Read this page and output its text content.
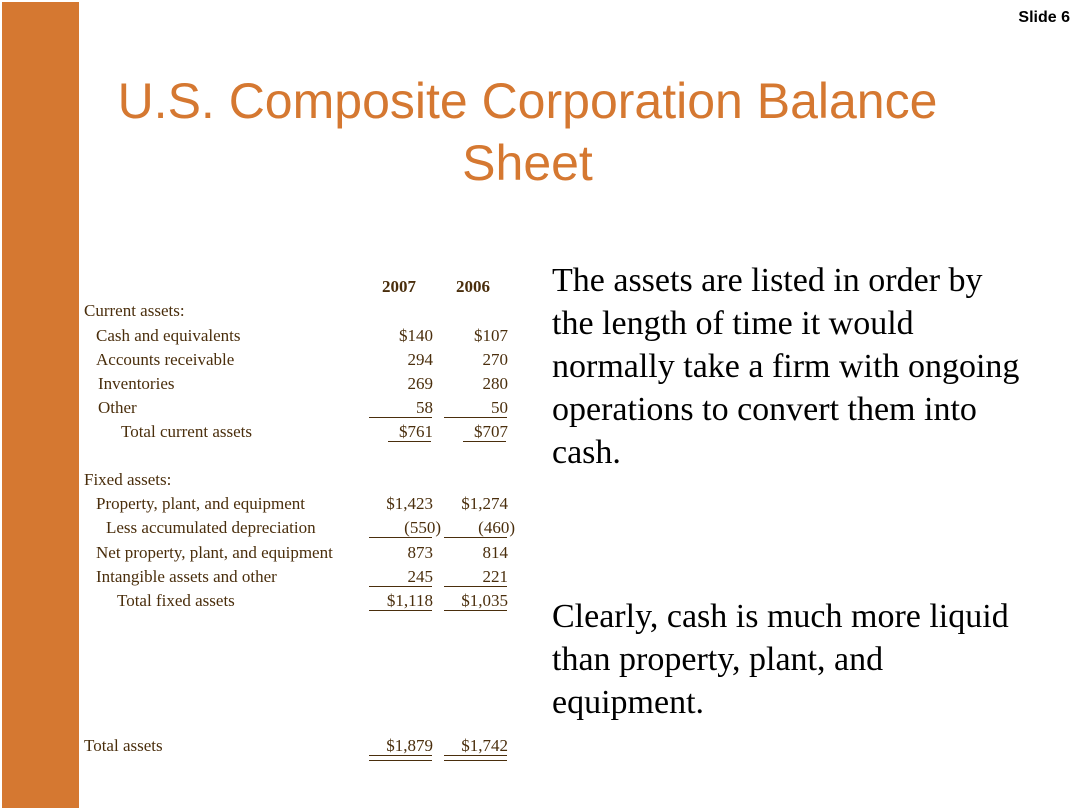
Slide 6
U.S. Composite Corporation Balance Sheet
2007 2006
Current assets:
Cash and equivalents	$140 $107
Accounts receivable	294	270
Inventories	269	280
Other	58	50
Total current assets	$761 $707
Fixed assets:
Property, plant, and equipment	$1,423 $1,274
Less accumulated depreciation	(550) (460)
Net property, plant, and equipment	873	814
Intangible assets and other	245	221
Total fixed assets	$1,118 $1,035
Total assets	$1,879 $1,742

The assets are listed in order by the length of time it would normally take a firm with ongoing operations to convert them into cash.

Clearly, cash is much more liquid than property, plant, and equipment.
